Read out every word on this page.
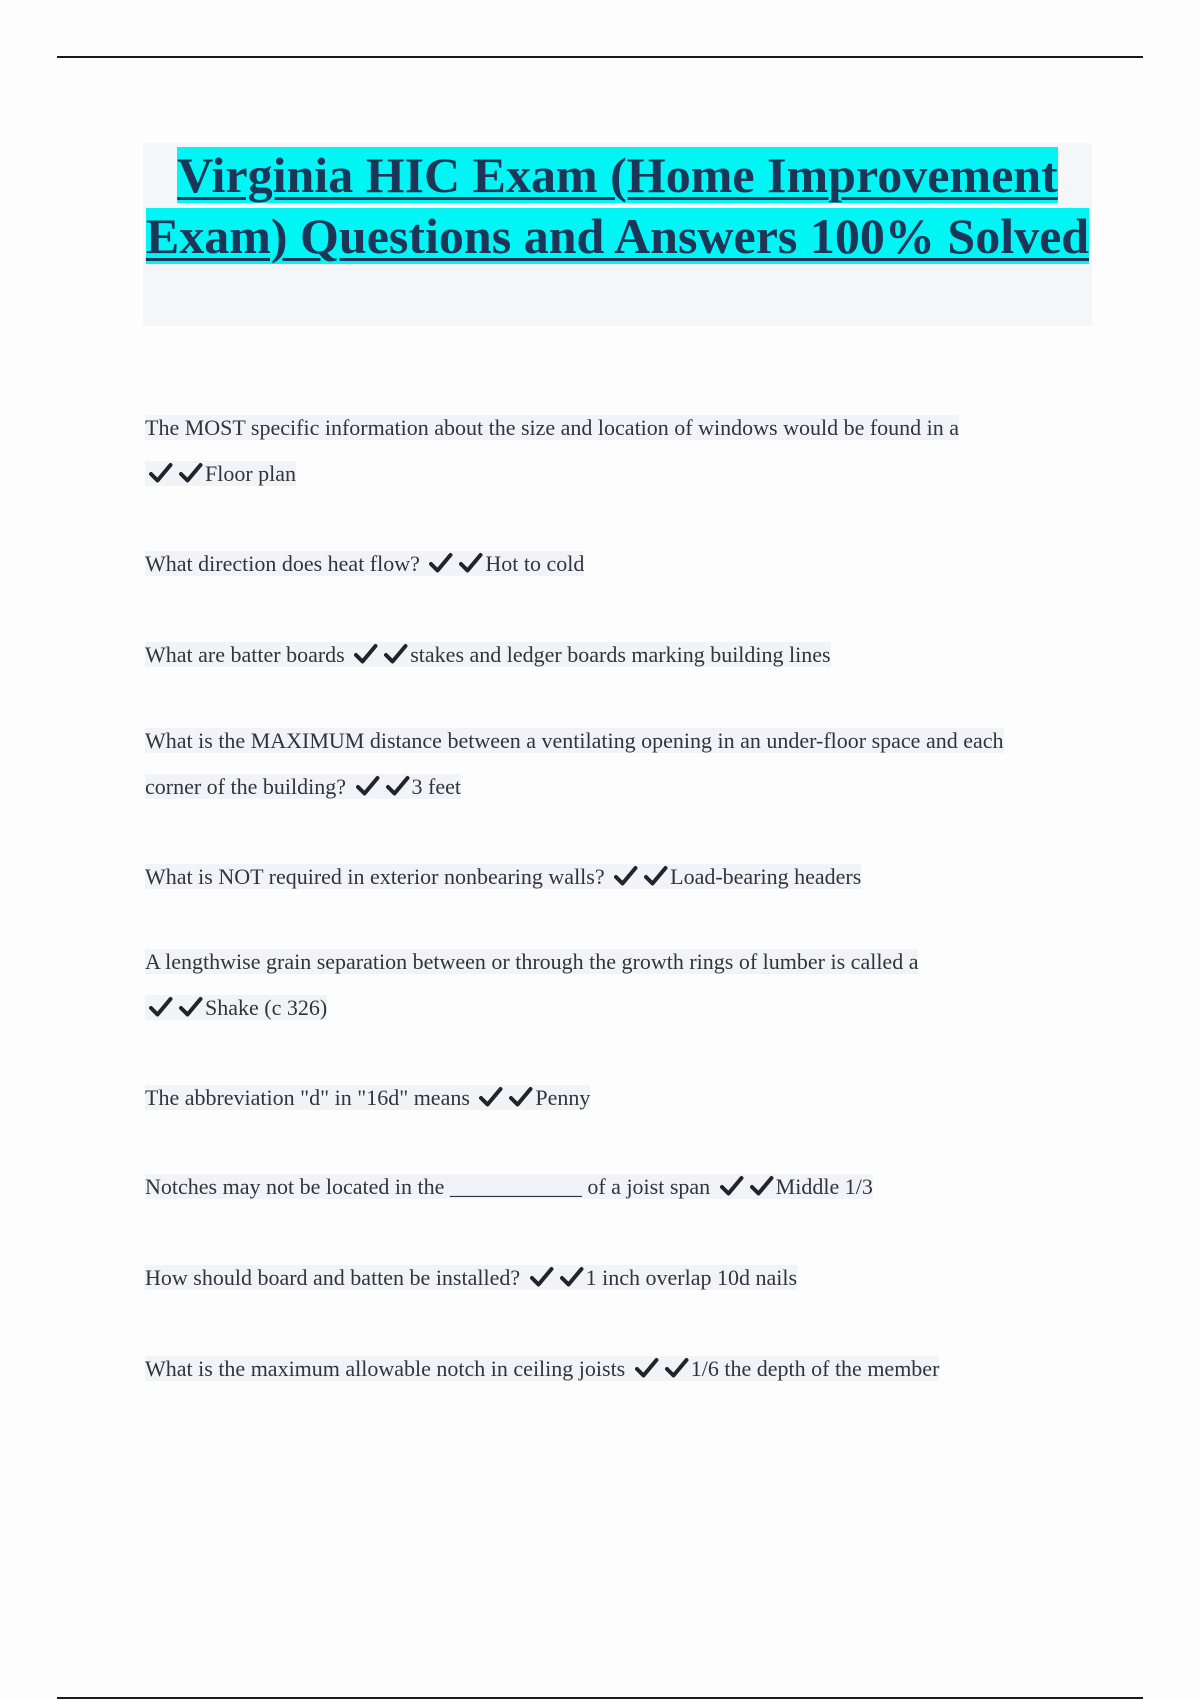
Virginia HIC Exam (Home Improvement Exam) Questions and Answers 100% Solved
The MOST specific information about the size and location of windows would be found in a
Floor plan
What direction does heat flow?	Hot to cold
What are batter boards	stakes and ledger boards marking building lines
What is the MAXIMUM distance between a ventilating opening in an under-floor space and each corner of the building?	3 feet
What is NOT required in exterior nonbearing walls?	Load-bearing headers
A lengthwise grain separation between or through the growth rings of lumber is called a
Shake (c 326)
The abbreviation "d" in "16d" means	Penny
Notches may not be located in the ____________ of a joist span	Middle 1/3
How should board and batten be installed?	1 inch overlap 10d nails
What is the maximum allowable notch in ceiling joists	1/6 the depth of the member
